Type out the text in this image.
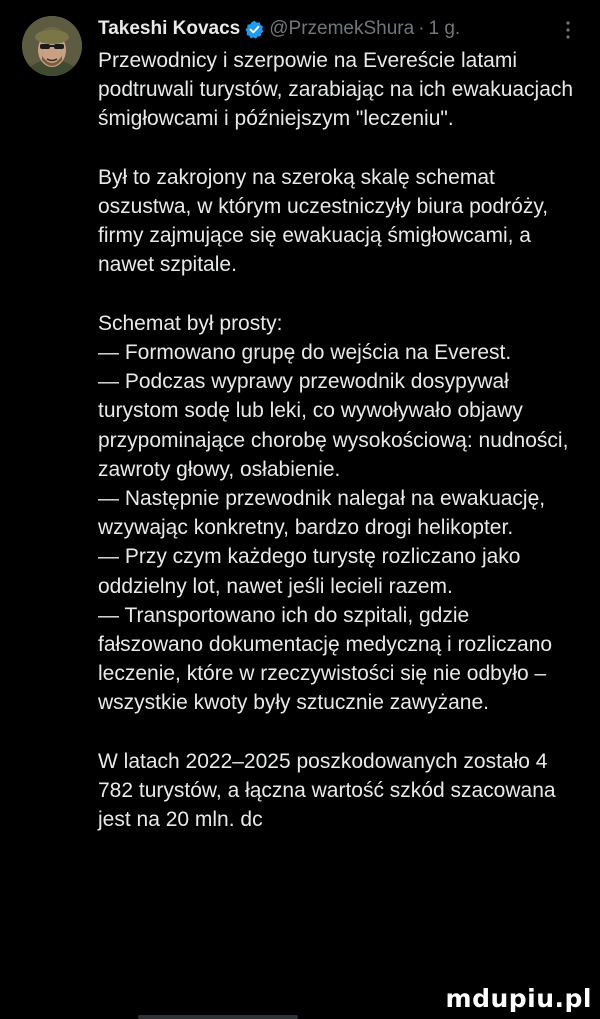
Takeshi Kovacs @PrzemekShura · 1 g.

Przewodnicy i szerpowie na Evereście latami podtruwali turystów, zarabiając na ich ewakuacjach śmigłowcami i późniejszym "leczeniu".

Był to zakrojony na szeroką skalę schemat oszustwa, w którym uczestniczyły biura podróży, firmy zajmujące się ewakuacją śmigłowcami, a nawet szpitale.

Schemat był prosty:
— Formowano grupę do wejścia na Everest.
— Podczas wyprawy przewodnik dosypywał turystom sodę lub leki, co wywoływało objawy przypominające chorobę wysokościową: nudności, zawroty głowy, osłabienie.
— Następnie przewodnik nalegał na ewakuację, wzywając konkretny, bardzo drogi helikopter.
— Przy czym każdego turystę rozliczano jako oddzielny lot, nawet jeśli lecieli razem.
— Transportowano ich do szpitali, gdzie fałszowano dokumentację medyczną i rozliczano leczenie, które w rzeczywistości się nie odbyło – wszystkie kwoty były sztucznie zawyżane.

W latach 2022–2025 poszkodowanych zostało 4 782 turystów, a łączna wartość szkód szacowana jest na 20 mln. dc

mdupiu.pl
